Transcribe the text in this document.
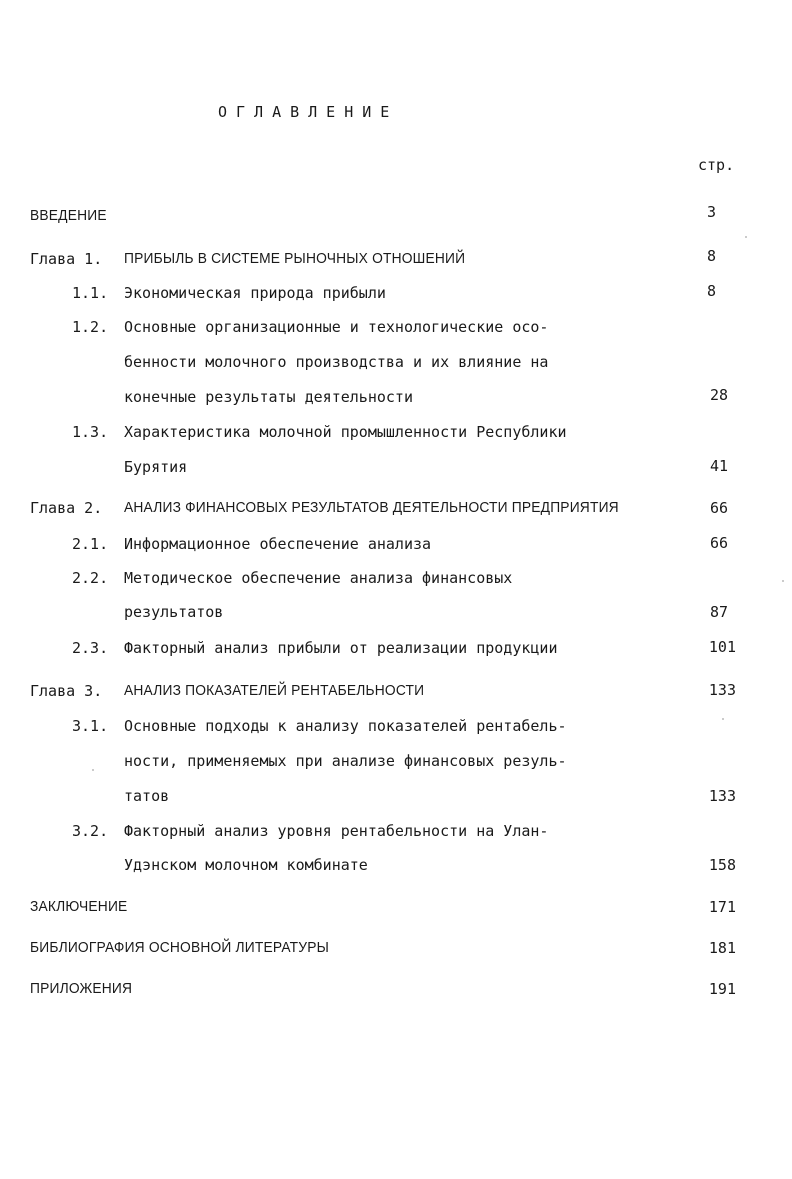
ОГЛАВЛЕНИЕ
стр.
ВВЕДЕНИЕ	3
Глава 1. ПРИБЫЛЬ В СИСТЕМЕ РЫНОЧНЫХ ОТНОШЕНИЙ	8
1.1. Экономическая природа прибыли	8
1.2. Основные организационные и технологические осо-
бенности молочного производства и их влияние на
конечные результаты деятельности	28
1.3. Характеристика молочной промышленности Республики
Бурятия	41
Глава 2. АНАЛИЗ ФИНАНСОВЫХ РЕЗУЛЬТАТОВ ДЕЯТЕЛЬНОСТИ ПРЕДПРИЯТИЯ	66
2.1. Информационное обеспечение анализа	66
2.2. Методическое обеспечение анализа финансовых
результатов	87
2.3. Факторный анализ прибыли от реализации продукции	101
Глава 3. АНАЛИЗ ПОКАЗАТЕЛЕЙ РЕНТАБЕЛЬНОСТИ	133
3.1. Основные подходы к анализу показателей рентабель-
ности, применяемых при анализе финансовых резуль-
татов	133
3.2. Факторный анализ уровня рентабельности на Улан-
Удэнском молочном комбинате	158
ЗАКЛЮЧЕНИЕ	171
БИБЛИОГРАФИЯ ОСНОВНОЙ ЛИТЕРАТУРЫ	181
ПРИЛОЖЕНИЯ	191
